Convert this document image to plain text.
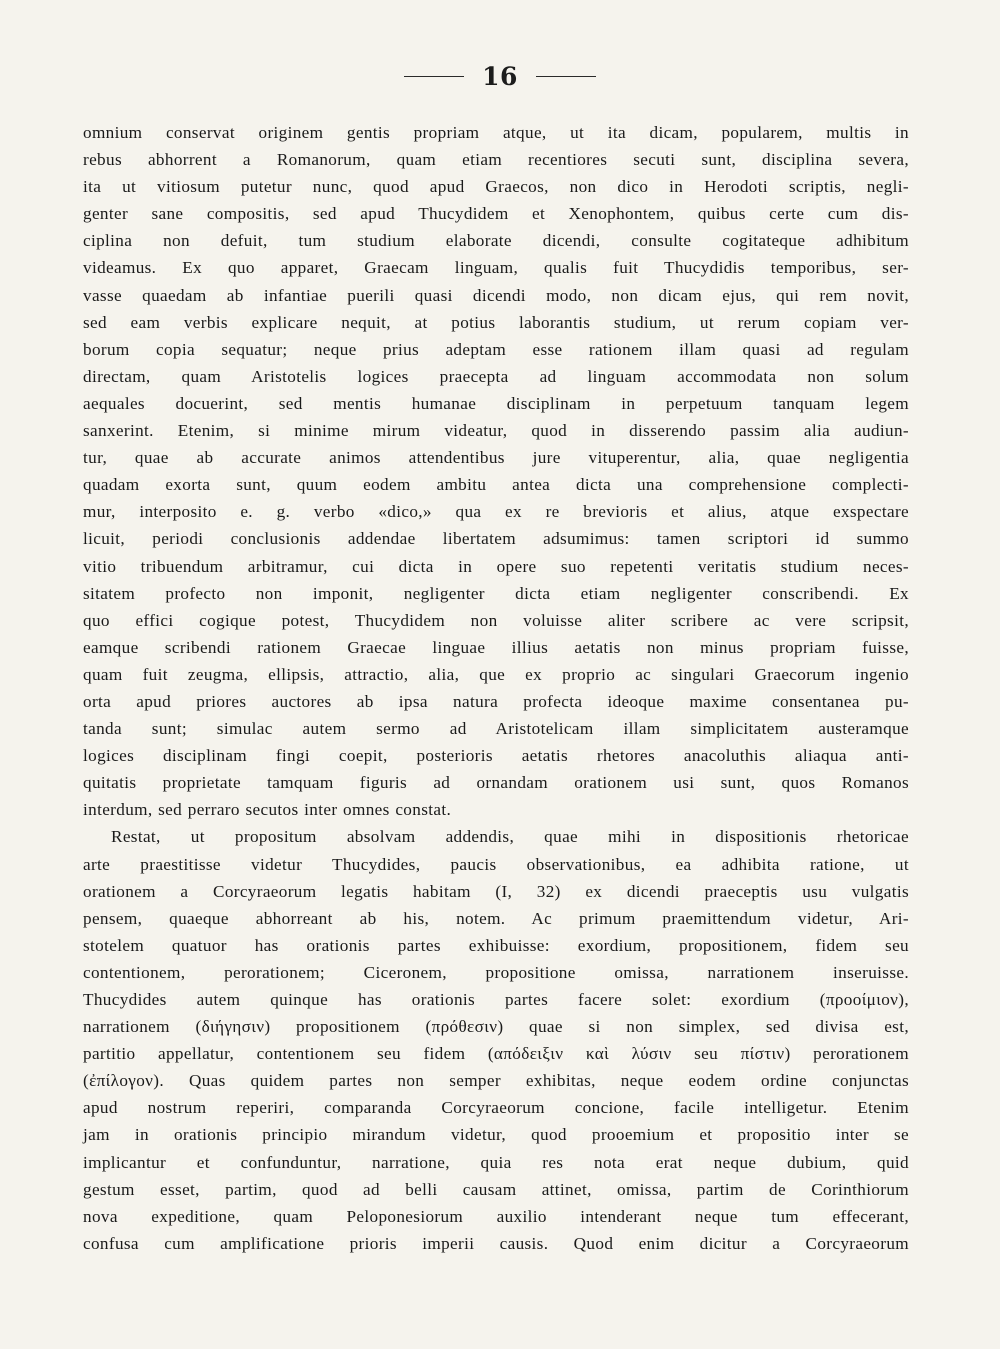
16
omnium conservat originem gentis propriam atque, ut ita dicam, popularem, multis in
rebus abhorrent a Romanorum, quam etiam recentiores secuti sunt, disciplina severa,
ita ut vitiosum putetur nunc, quod apud Graecos, non dico in Herodoti scriptis, negli-
genter sane compositis, sed apud Thucydidem et Xenophontem, quibus certe cum dis-
ciplina non defuit, tum studium elaborate dicendi, consulte cogitateque adhibitum
videamus. Ex quo apparet, Graecam linguam, qualis fuit Thucydidis temporibus, ser-
vasse quaedam ab infantiae puerili quasi dicendi modo, non dicam ejus, qui rem novit,
sed eam verbis explicare nequit, at potius laborantis studium, ut rerum copiam ver-
borum copia sequatur; neque prius adeptam esse rationem illam quasi ad regulam
directam, quam Aristotelis logices praecepta ad linguam accommodata non solum
aequales docuerint, sed mentis humanae disciplinam in perpetuum tanquam legem
sanxerint. Etenim, si minime mirum videatur, quod in disserendo passim alia audiun-
tur, quae ab accurate animos attendentibus jure vituperentur, alia, quae negligentia
quadam exorta sunt, quum eodem ambitu antea dicta una comprehensione complecti-
mur, interposito e. g. verbo «dico,» qua ex re brevioris et alius, atque exspectare
licuit, periodi conclusionis addendae libertatem adsumimus: tamen scriptori id summo
vitio tribuendum arbitramur, cui dicta in opere suo repetenti veritatis studium neces-
sitatem profecto non imponit, negligenter dicta etiam negligenter conscribendi. Ex
quo effici cogique potest, Thucydidem non voluisse aliter scribere ac vere scripsit,
eamque scribendi rationem Graecae linguae illius aetatis non minus propriam fuisse,
quam fuit zeugma, ellipsis, attractio, alia, que ex proprio ac singulari Graecorum ingenio
orta apud priores auctores ab ipsa natura profecta ideoque maxime consentanea pu-
tanda sunt; simulac autem sermo ad Aristotelicam illam simplicitatem austeramque
logices disciplinam fingi coepit, posterioris aetatis rhetores anacoluthis aliaqua anti-
quitatis proprietate tamquam figuris ad ornandam orationem usi sunt, quos Romanos
interdum, sed perraro secutos inter omnes constat.
Restat, ut propositum absolvam addendis, quae mihi in dispositionis rhetoricae
arte praestitisse videtur Thucydides, paucis observationibus, ea adhibita ratione, ut
orationem a Corcyraeorum legatis habitam (I, 32) ex dicendi praeceptis usu vulgatis
pensem, quaeque abhorreant ab his, notem. Ac primum praemittendum videtur, Ari-
stotelem quatuor has orationis partes exhibuisse: exordium, propositionem, fidem seu
contentionem, perorationem; Ciceronem, propositione omissa, narrationem inseruisse.
Thucydides autem quinque has orationis partes facere solet: exordium (προοίμιον),
narrationem (διήγησιν) propositionem (πρόθεσιν) quae si non simplex, sed divisa est,
partitio appellatur, contentionem seu fidem (απόδειξιν καὶ λύσιν seu πίστιν) perorationem
(ἐπίλογον). Quas quidem partes non semper exhibitas, neque eodem ordine conjunctas
apud nostrum reperiri, comparanda Corcyraeorum concione, facile intelligetur. Etenim
jam in orationis principio mirandum videtur, quod prooemium et propositio inter se
implicantur et confunduntur, narratione, quia res nota erat neque dubium, quid
gestum esset, partim, quod ad belli causam attinet, omissa, partim de Corinthiorum
nova expeditione, quam Peloponesiorum auxilio intenderant neque tum effecerant,
confusa cum amplificatione prioris imperii causis. Quod enim dicitur a Corcyraeorum
